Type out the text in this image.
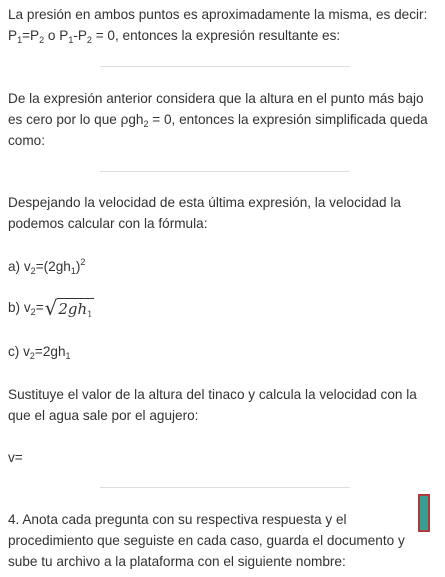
La presión en ambos puntos es aproximadamente la misma, es decir:
$P_1=P_2$ o $P_1-P_2 = 0$, entonces la expresión resultante es:
De la expresión anterior considera que la altura en el punto más bajo es cero por lo que ρgh$_2$ = 0, entonces la expresión simplificada queda como:
Despejando la velocidad de esta última expresión, la velocidad la podemos calcular con la fórmula:
a) $v_2=(2gh_1)^2$
b) $v_2=$ √ $2gh_1$
c) $v_2=2gh_1$
Sustituye el valor de la altura del tinaco y calcula la velocidad con la que el agua sale por el agujero:
v=
4. Anota cada pregunta con su respectiva respuesta y el procedimiento que seguiste en cada caso, guarda el documento y sube tu archivo a la plataforma con el siguiente nombre:
